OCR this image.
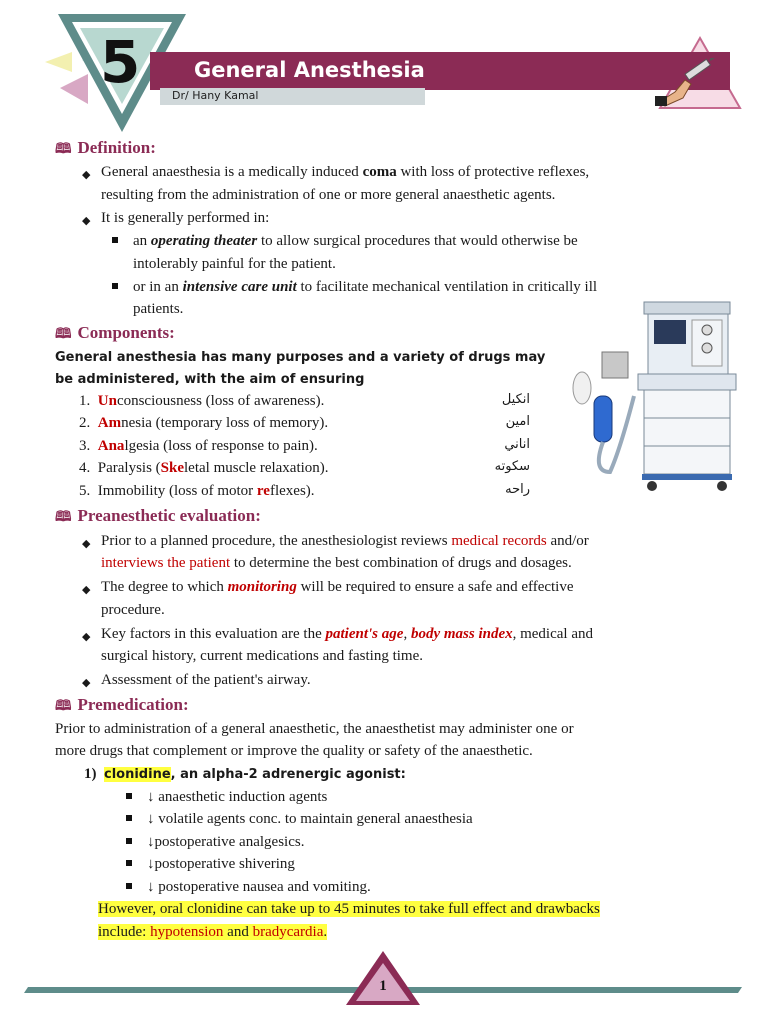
5	General Anesthesia
Dr/ Hany Kamal
🕮 Definition:
◆ General anaesthesia is a medically induced coma with loss of protective reflexes,
resulting from the administration of one or more general anaesthetic agents.
◆ It is generally performed in:
an operating theater to allow surgical procedures that would otherwise be
intolerably painful for the patient.
or in an intensive care unit to facilitate mechanical ventilation in critically ill
patients.
🕮 Components:
General anesthesia has many purposes and a variety of drugs may
be administered, with the aim of ensuring
1. Unconsciousness (loss of awareness).	انكيل
2. Amnesia (temporary loss of memory).	امين
3. Analgesia (loss of response to pain).	اناني
4. Paralysis (Skeletal muscle relaxation).	سكوته
5. Immobility (loss of motor reflexes).	راحه
🕮 Preanesthetic evaluation:
◆ Prior to a planned procedure, the anesthesiologist reviews medical records and/or
interviews the patient to determine the best combination of drugs and dosages.
◆ The degree to which monitoring will be required to ensure a safe and effective
procedure.
◆ Key factors in this evaluation are the patient's age, body mass index, medical and
surgical history, current medications and fasting time.
◆ Assessment of the patient's airway.
🕮 Premedication:
Prior to administration of a general anaesthetic, the anaesthetist may administer one or
more drugs that complement or improve the quality or safety of the anaesthetic.
1) clonidine, an alpha-2 adrenergic agonist:
↓ anaesthetic induction agents
↓ volatile agents conc. to maintain general anaesthesia
↓postoperative analgesics.
↓postoperative shivering
↓ postoperative nausea and vomiting.
However, oral clonidine can take up to 45 minutes to take full effect and drawbacks
include: hypotension and bradycardia.
1
